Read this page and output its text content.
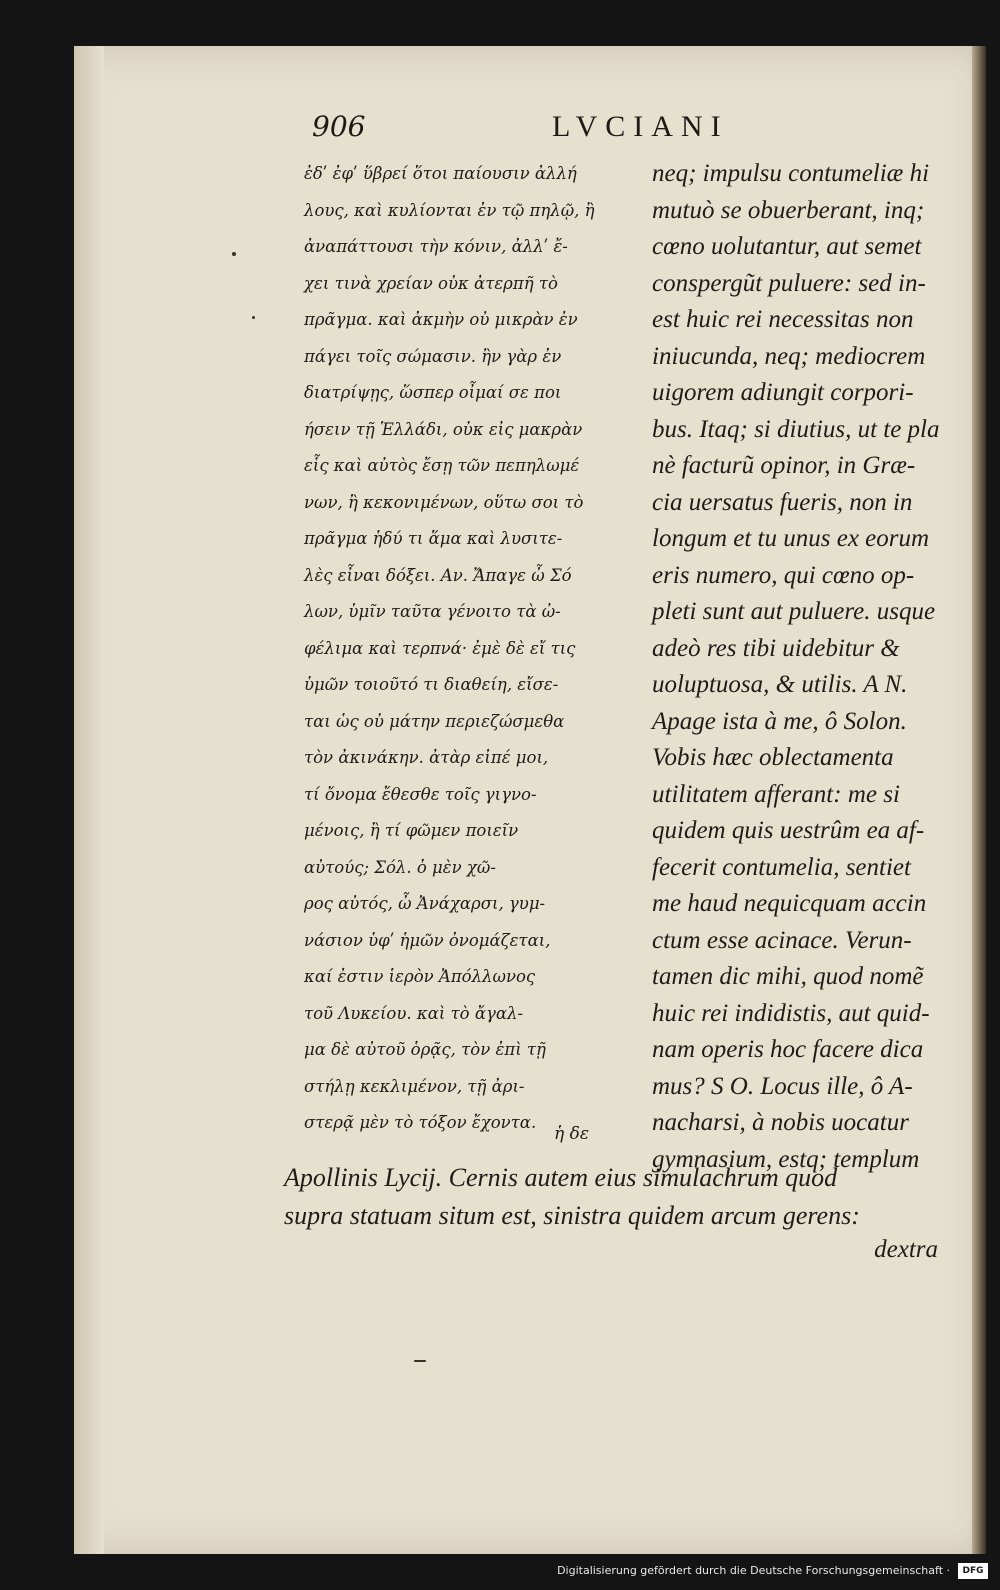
906	LVCIANI
ἐδʹ ἐφʹ ὕβρεί ὅτοι παίουσιν ἀλλή
λους, καὶ κυλίονται ἐν τῷ πηλῷ, ἢ
ἀναπάττουσι τὴν κόνιν, ἀλλʹ ἔ-
χει τινὰ χρείαν οὐκ ἀτερπῆ τὸ
πρᾶγμα. καὶ ἀκμὴν οὐ μικρὰν ἐν
πάγει τοῖς σώμασιν. ἢν γὰρ ἐν
διατρίψῃς, ὥσπερ οἶμαί σε ποι
ήσειν τῇ Ἑλλάδι, οὐκ εἰς μακρὰν
εἷς καὶ αὐτὸς ἔσῃ τῶν πεπηλωμέ
νων, ἢ κεκονιμένων, οὕτω σοι τὸ
πρᾶγμα ἡδύ τι ἅμα καὶ λυσιτε-
λὲς εἶναι δόξει. Αν. Ἄπαγε ὦ Σό
λων, ὑμῖν ταῦτα γένοιτο τὰ ὠ-
φέλιμα καὶ τερπνά· ἐμὲ δὲ εἴ τις
ὑμῶν τοιοῦτό τι διαθείη, εἴσε-
ται ὡς οὐ μάτην περιεζώσμεθα
τὸν ἀκινάκην. ἀτὰρ εἰπέ μοι,
τί ὄνομα ἔθεσθε τοῖς γιγνο-
μένοις, ἢ τί φῶμεν ποιεῖν
αὐτούς; Σόλ. ὁ μὲν χῶ-
ρος αὐτός, ὦ Ἀνάχαρσι, γυμ-
νάσιον ὑφʹ ἡμῶν ὀνομάζεται,
καί ἐστιν ἱερὸν Ἀπόλλωνος
τοῦ Λυκείου. καὶ τὸ ἄγαλ-
μα δὲ αὐτοῦ ὁρᾷς, τὸν ἐπὶ τῇ
στήλῃ κεκλιμένον, τῇ ἀρι-
στερᾷ μὲν τὸ τόξον ἔχοντα.
neq; impulsu contumeliæ hi
mutuò se obuerberant, inq;
cœno uolutantur, aut semet
conspergũt puluere: sed in-
est huic rei necessitas non
iniucunda, neq; mediocrem
uigorem adiungit corpori-
bus. Itaq; si diutius, ut te pla
nè facturũ opinor, in Græ-
cia uersatus fueris, non in
longum et tu unus ex eorum
eris numero, qui cœno op-
pleti sunt aut puluere. usque
adeò res tibi uidebitur &
uoluptuosa, & utilis. A N.
Apage ista à me, ô Solon.
Vobis hæc oblectamenta
utilitatem afferant: me si
quidem quis uestrûm ea af-
fecerit contumelia, sentiet
me haud nequicquam accin
ctum esse acinace. Verun-
tamen dic mihi, quod nomẽ
huic rei indidistis, aut quid-
nam operis hoc facere dica
mus? S O. Locus ille, ô A-
nacharsi, à nobis uocatur
gymnasium, estq; templum
ἡ δε
Apollinis Lycij. Cernis autem eius simulachrum quod
supra statuam situm est, sinistra quidem arcum gerens:
dextra
Digitalisierung gefördert durch die Deutsche Forschungsgemeinschaft ·	DFG
